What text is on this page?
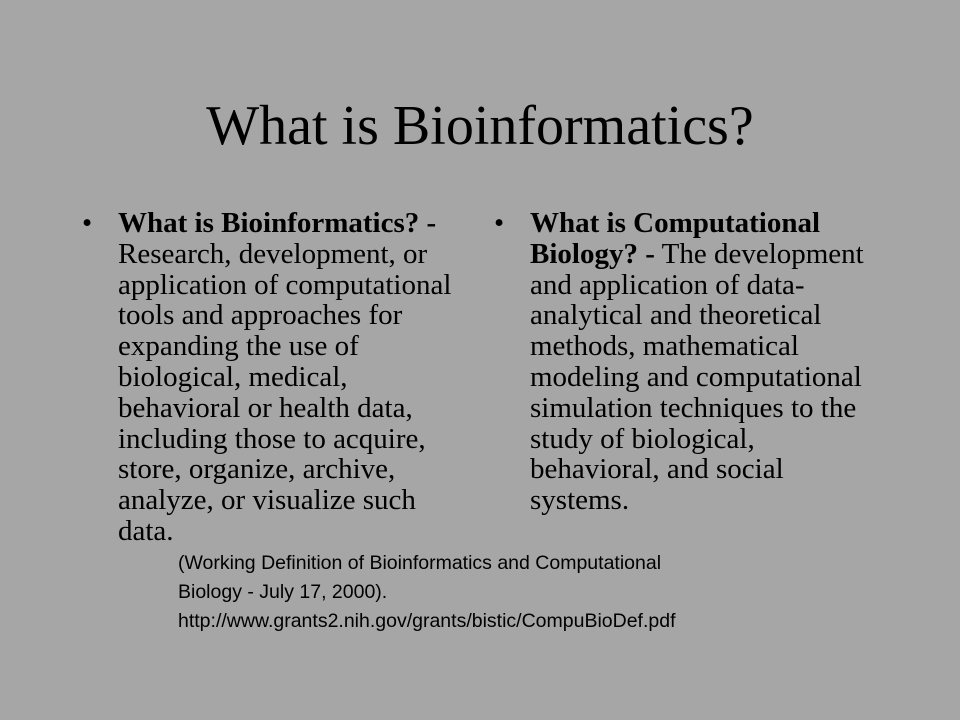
What is Bioinformatics?
• What is Bioinformatics? - Research, development, or application of computational tools and approaches for expanding the use of biological, medical, behavioral or health data, including those to acquire, store, organize, archive, analyze, or visualize such data.
• What is Computational Biology? - The development and application of data-analytical and theoretical methods, mathematical modeling and computational simulation techniques to the study of biological, behavioral, and social systems.
(Working Definition of Bioinformatics and Computational
Biology - July 17, 2000).
http://www.grants2.nih.gov/grants/bistic/CompuBioDef.pdf
